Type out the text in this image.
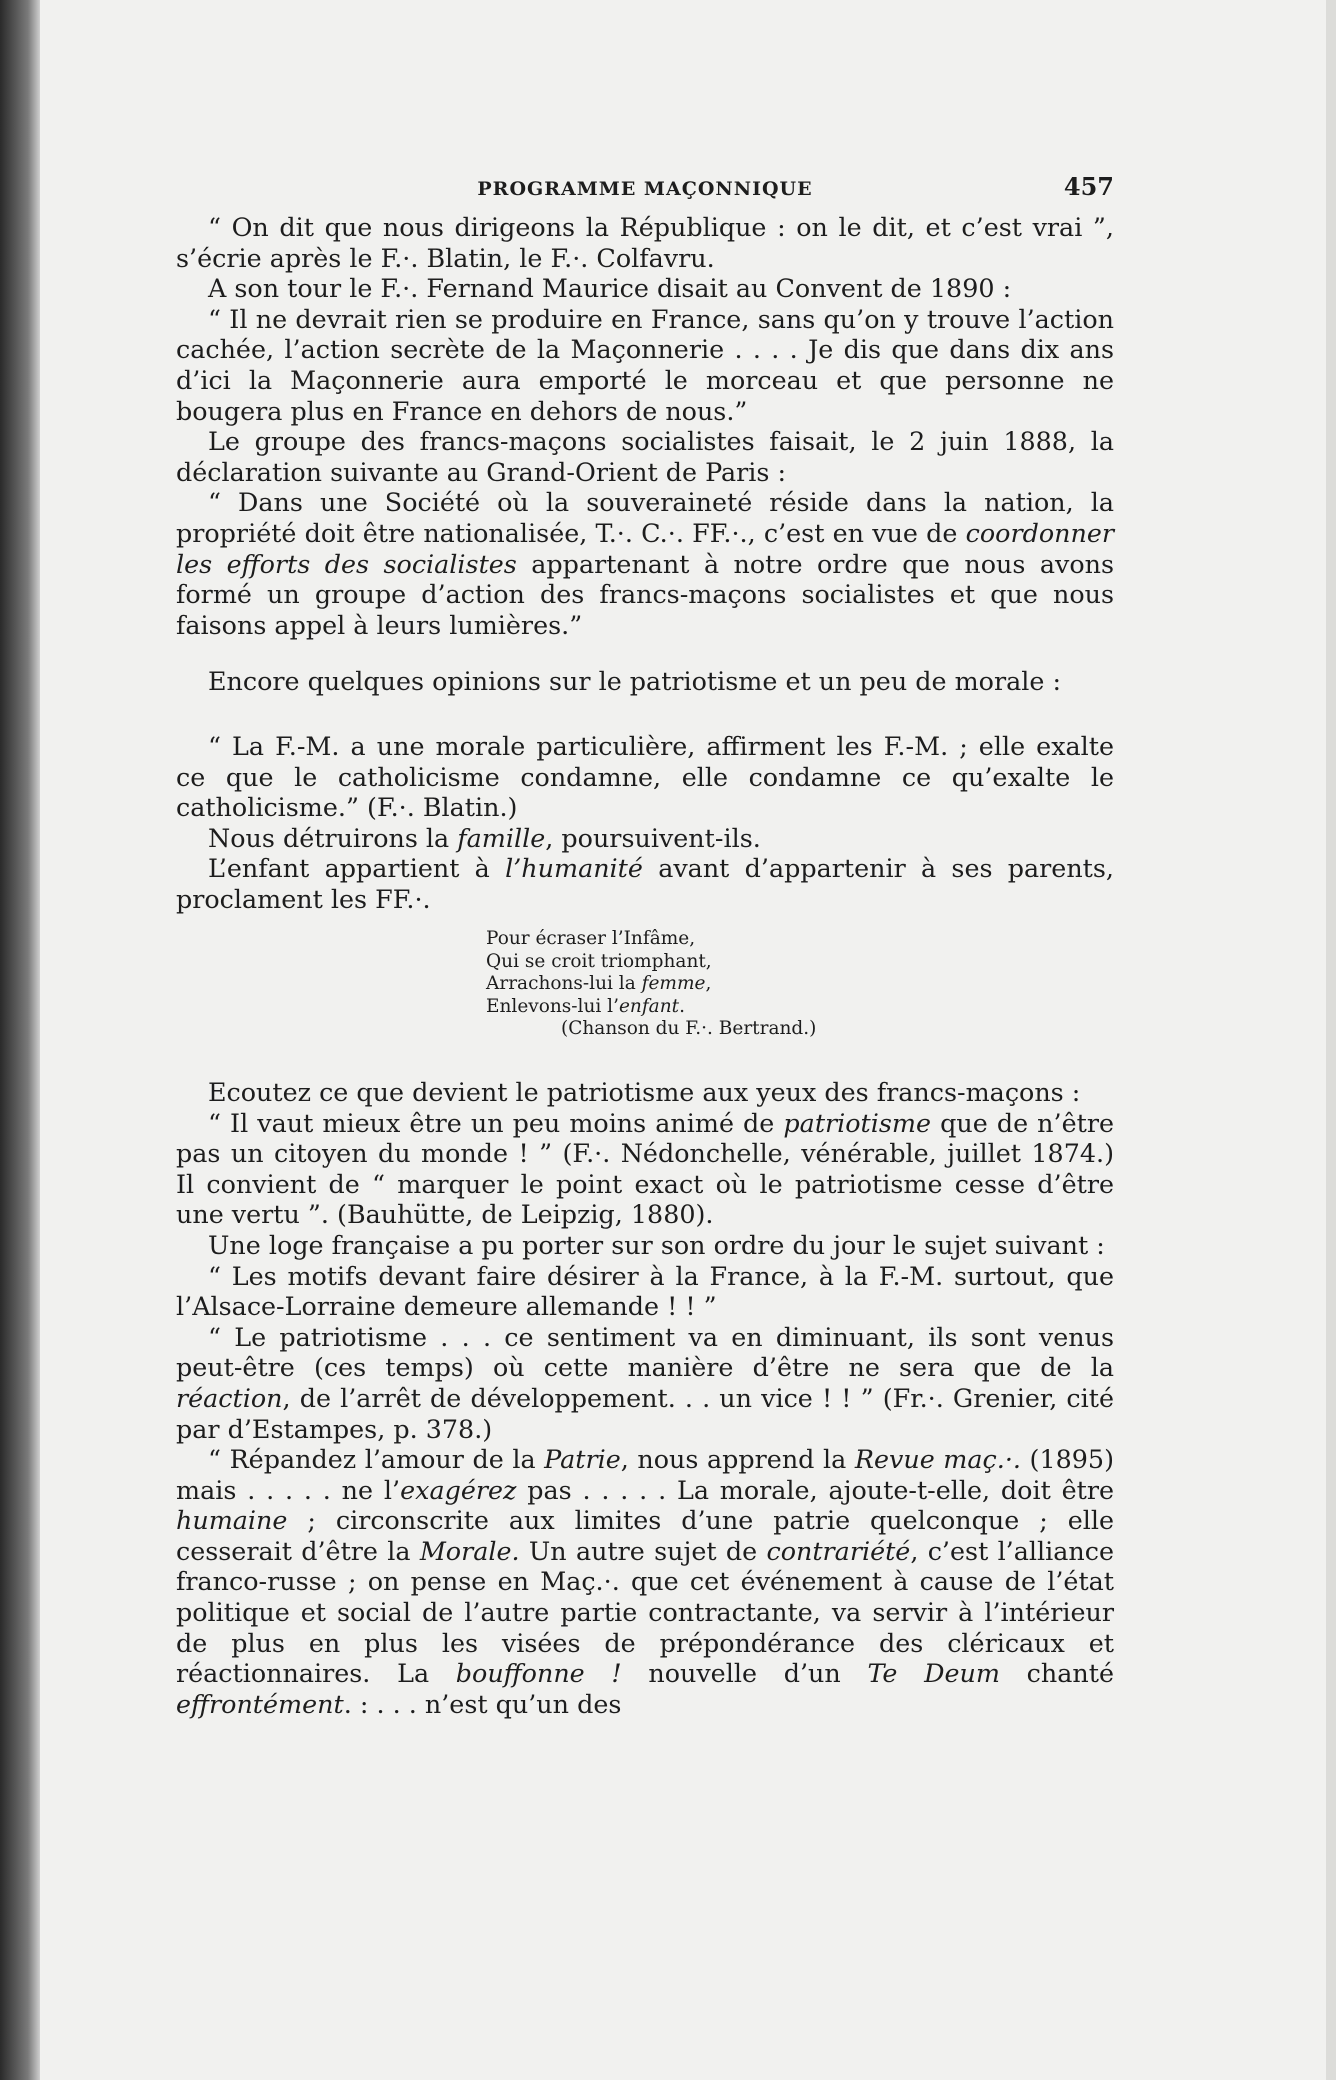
PROGRAMME MAÇONNIQUE	457

“ On dit que nous dirigeons la République : on le dit, et c’est vrai ”, s’écrie après le F.·. Blatin, le F.·. Colfavru.

A son tour le F.·. Fernand Maurice disait au Convent de 1890 :

“ Il ne devrait rien se produire en France, sans qu’on y trouve l’action cachée, l’action secrète de la Maçonnerie . . . . Je dis que dans dix ans d’ici la Maçonnerie aura emporté le morceau et que personne ne bougera plus en France en dehors de nous.”

Le groupe des francs-maçons socialistes faisait, le 2 juin 1888, la déclaration suivante au Grand-Orient de Paris :

“ Dans une Société où la souveraineté réside dans la nation, la propriété doit être nationalisée, T.·. C.·. FF.·., c’est en vue de coordonner les efforts des socialistes appartenant à notre ordre que nous avons formé un groupe d’action des francs-maçons socialistes et que nous faisons appel à leurs lumières.”

Encore quelques opinions sur le patriotisme et un peu de morale :

“ La F.-M. a une morale particulière, affirment les F.-M. ; elle exalte ce que le catholicisme condamne, elle condamne ce qu’exalte le catholicisme.” (F.·. Blatin.)

Nous détruirons la famille, poursuivent-ils.

L’enfant appartient à l’humanité avant d’appartenir à ses parents, proclament les FF.·.

Pour écraser l’Infâme,
Qui se croit triomphant,
Arrachons-lui la femme,
Enlevons-lui l’enfant.
(Chanson du F.·. Bertrand.)

Ecoutez ce que devient le patriotisme aux yeux des francs-maçons :

“ Il vaut mieux être un peu moins animé de patriotisme que de n’être pas un citoyen du monde ! ” (F.·. Nédonchelle, vénérable, juillet 1874.) Il convient de “ marquer le point exact où le patriotisme cesse d’être une vertu ”. (Bauhütte, de Leipzig, 1880).

Une loge française a pu porter sur son ordre du jour le sujet suivant :

“ Les motifs devant faire désirer à la France, à la F.-M. surtout, que l’Alsace-Lorraine demeure allemande ! ! ”

“ Le patriotisme . . . ce sentiment va en diminuant, ils sont venus peut-être (ces temps) où cette manière d’être ne sera que de la réaction, de l’arrêt de développement. . . un vice ! ! ” (Fr.·. Grenier, cité par d’Estampes, p. 378.)

“ Répandez l’amour de la Patrie, nous apprend la Revue maç.·. (1895) mais . . . . . ne l’exagérez pas . . . . . La morale, ajoute-t-elle, doit être humaine ; circonscrite aux limites d’une patrie quelconque ; elle cesserait d’être la Morale. Un autre sujet de contrariété, c’est l’alliance franco-russe ; on pense en Maç.·. que cet événement à cause de l’état politique et social de l’autre partie contractante, va servir à l’intérieur de plus en plus les visées de prépondérance des cléricaux et réactionnaires. La bouffonne ! nouvelle d’un Te Deum chanté effrontément. : . . . n’est qu’un des
